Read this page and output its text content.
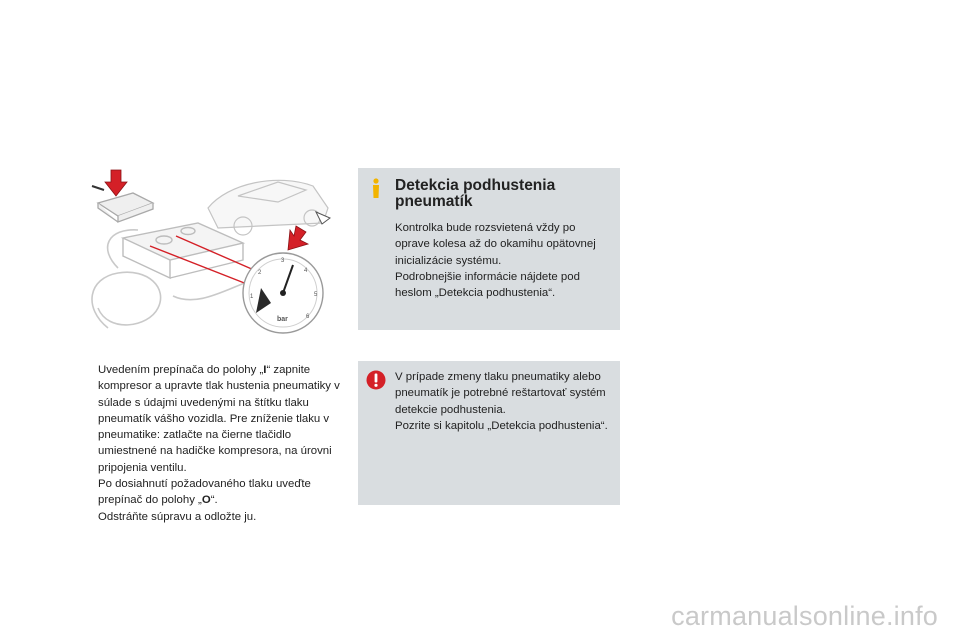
1
2
3
4
5
6
bar
Uvedením prepínača do polohy „I“ zapnite kompresor a upravte tlak hustenia pneumatiky v súlade s údajmi uvedenými na štítku tlaku pneumatík vášho vozidla. Pre zníženie tlaku v pneumatike: zatlačte na čierne tlačidlo umiestnené na hadičke kompresora, na úrovni pripojenia ventilu.
Po dosiahnutí požadovaného tlaku uveďte prepínač do polohy „O“.
Odstráňte súpravu a odložte ju.
Detekcia podhustenia pneumatík

Kontrolka bude rozsvietená vždy po oprave kolesa až do okamihu opätovnej inicializácie systému.

Podrobnejšie informácie nájdete pod heslom „Detekcia podhustenia“.

V prípade zmeny tlaku pneumatiky alebo pneumatík je potrebné reštartovať systém detekcie podhustenia.

Pozrite si kapitolu „Detekcia podhustenia“.

carmanualsonline.info
